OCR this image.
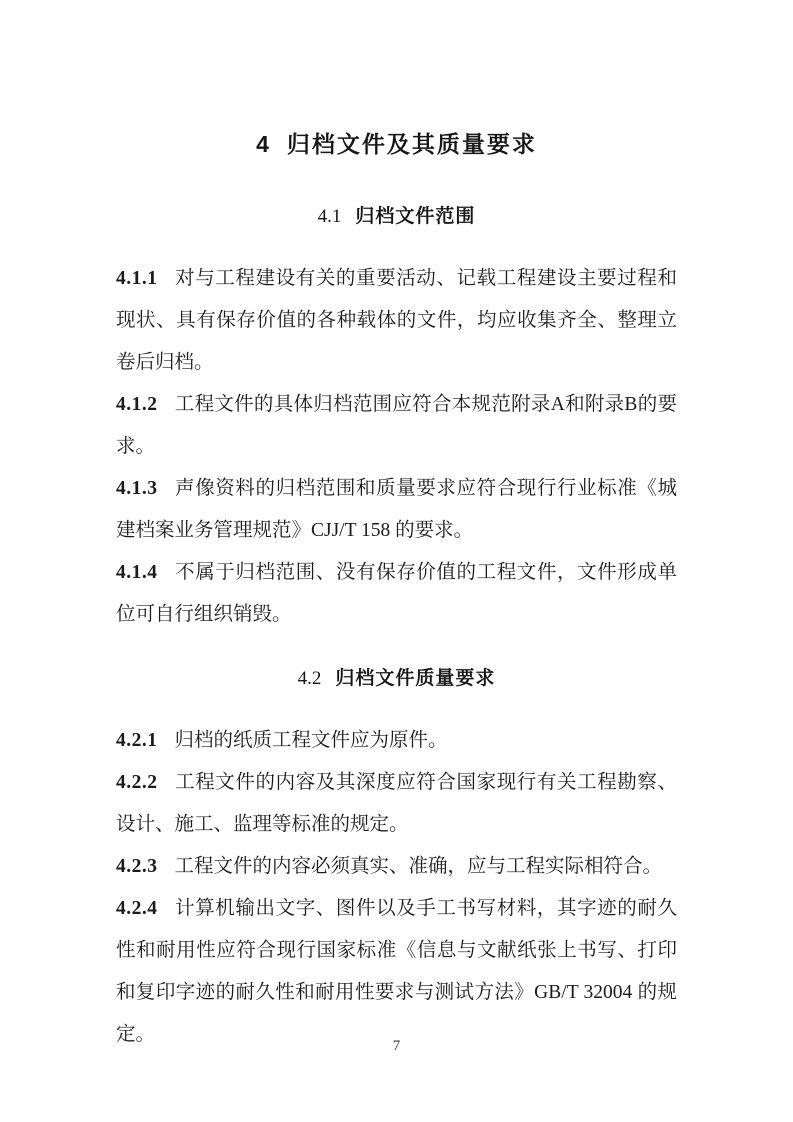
4 归档文件及其质量要求
4.1 归档文件范围

4.1.1 对与工程建设有关的重要活动、记载工程建设主要过程和现状、具有保存价值的各种载体的文件，均应收集齐全、整理立卷后归档。

4.1.2 工程文件的具体归档范围应符合本规范附录A和附录B的要求。

4.1.3 声像资料的归档范围和质量要求应符合现行行业标准《城建档案业务管理规范》CJJ/T 158 的要求。

4.1.4 不属于归档范围、没有保存价值的工程文件，文件形成单位可自行组织销毁。

4.2 归档文件质量要求

4.2.1 归档的纸质工程文件应为原件。

4.2.2 工程文件的内容及其深度应符合国家现行有关工程勘察、设计、施工、监理等标准的规定。

4.2.3 工程文件的内容必须真实、准确，应与工程实际相符合。

4.2.4 计算机输出文字、图件以及手工书写材料，其字迹的耐久性和耐用性应符合现行国家标准《信息与文献纸张上书写、打印和复印字迹的耐久性和耐用性要求与测试方法》GB/T 32004 的规定。

7
